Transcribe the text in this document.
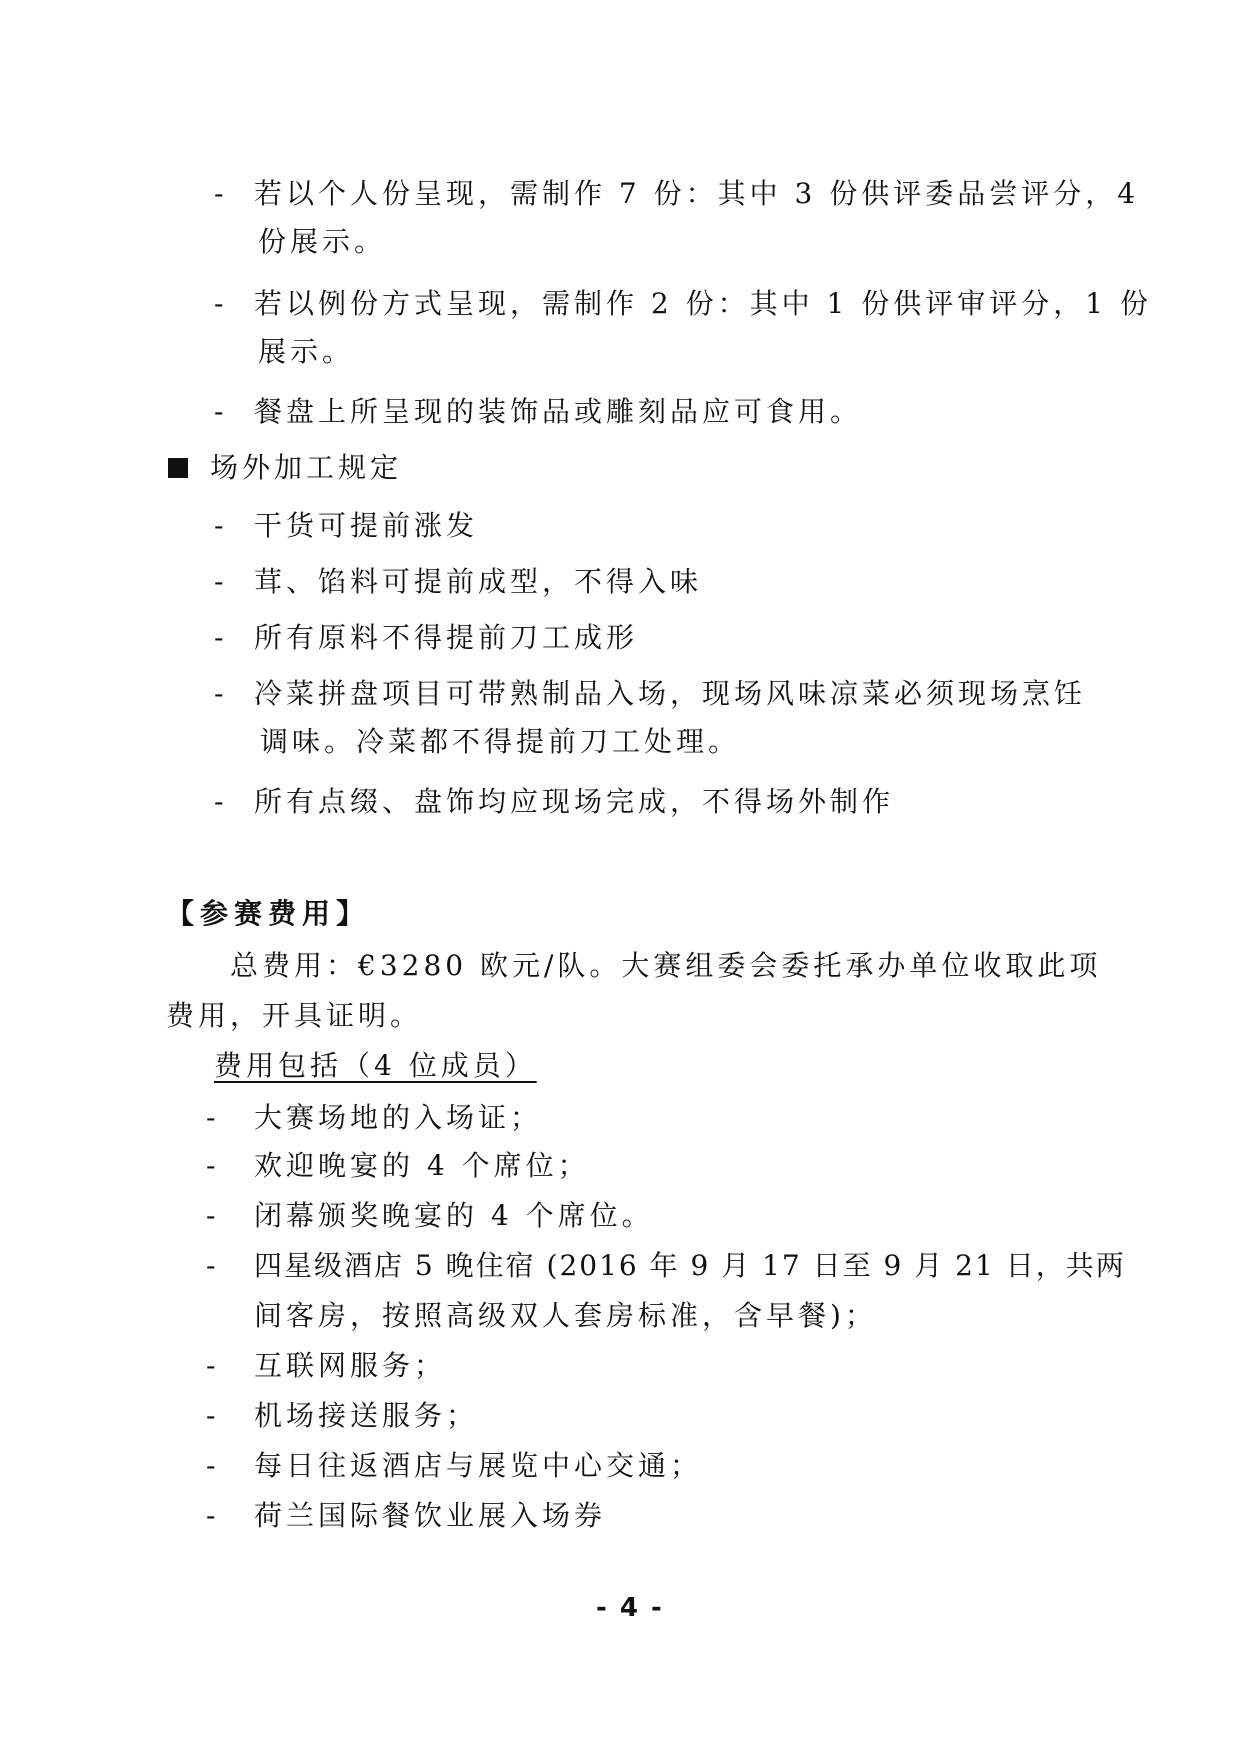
- 若以个人份呈现，需制作 7 份：其中 3 份供评委品尝评分，4
份展示。
- 若以例份方式呈现，需制作 2 份：其中 1 份供评审评分，1 份
展示。
- 餐盘上所呈现的装饰品或雕刻品应可食用。
场外加工规定
- 干货可提前涨发
- 茸、馅料可提前成型，不得入味
- 所有原料不得提前刀工成形
- 冷菜拼盘项目可带熟制品入场，现场风味凉菜必须现场烹饪
调味。冷菜都不得提前刀工处理。
- 所有点缀、盘饰均应现场完成，不得场外制作
【参赛费用】
总费用：€3280 欧元/队。大赛组委会委托承办单位收取此项
费用，开具证明。
费用包括（4 位成员）
- 大赛场地的入场证；
- 欢迎晚宴的 4 个席位；
- 闭幕颁奖晚宴的 4 个席位。
- 四星级酒店 5 晚住宿 (2016 年 9 月 17 日至 9 月 21 日，共两
间客房，按照高级双人套房标准，含早餐)；
- 互联网服务；
- 机场接送服务；
- 每日往返酒店与展览中心交通；
- 荷兰国际餐饮业展入场券
- 4 -
